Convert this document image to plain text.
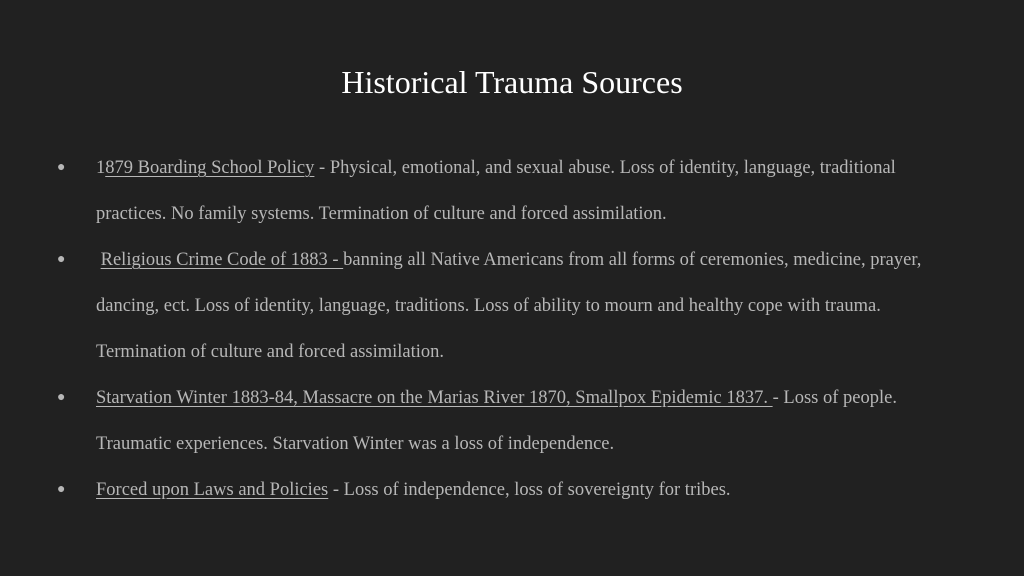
Historical Trauma Sources
● 1879 Boarding School Policy - Physical, emotional, and sexual abuse. Loss of identity, language, traditional practices. No family systems. Termination of culture and forced assimilation.
● Religious Crime Code of 1883 - banning all Native Americans from all forms of ceremonies, medicine, prayer, dancing, ect. Loss of identity, language, traditions. Loss of ability to mourn and healthy cope with trauma. Termination of culture and forced assimilation.
● Starvation Winter 1883-84, Massacre on the Marias River 1870, Smallpox Epidemic 1837. - Loss of people. Traumatic experiences. Starvation Winter was a loss of independence.
● Forced upon Laws and Policies - Loss of independence, loss of sovereignty for tribes.
